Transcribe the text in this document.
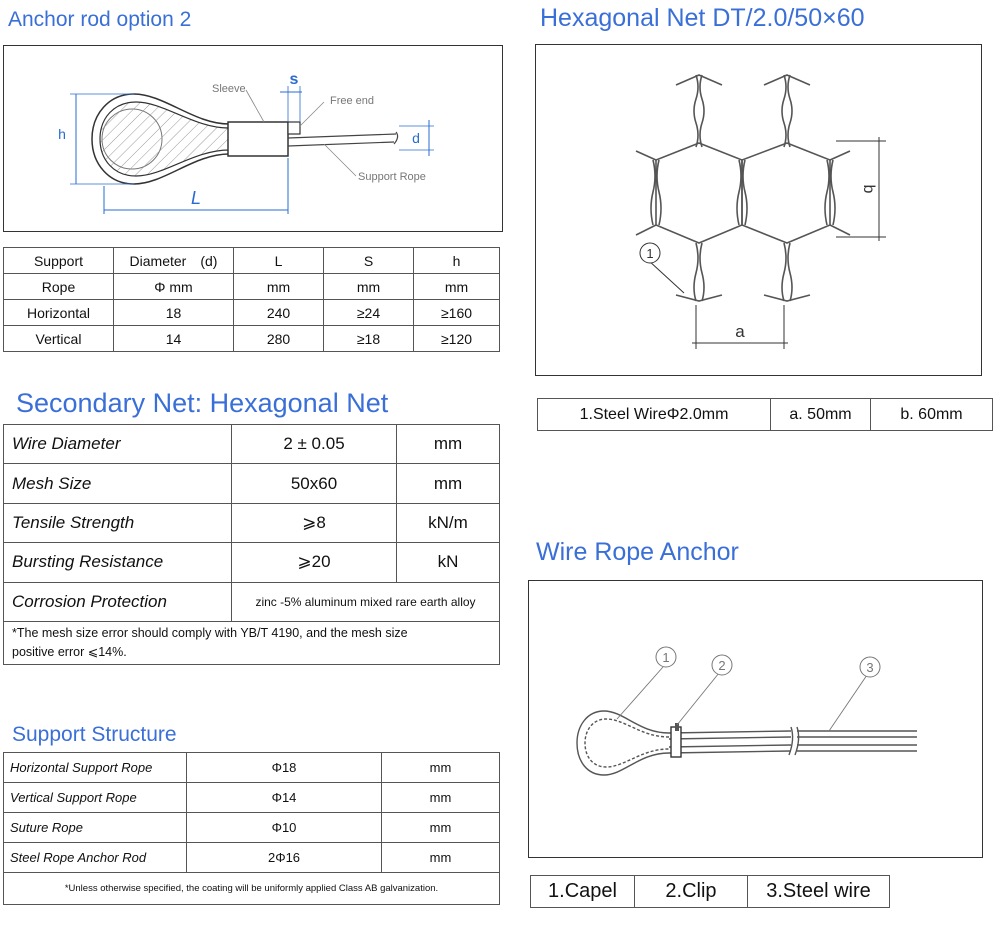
Anchor rod option 2
L
h
s
d
Sleeve
Free end
Support Rope
Support	Diameter　(d)	L	S	h
Rope	Φ mm	mm	mm	mm
Horizontal	18	240	≥24	≥160
Vertical	14	280	≥18	≥120
Hexagonal Net DT/2.0/50×60
b
a
1
1.Steel WireΦ2.0mm	a. 50mm	b. 60mm
Secondary Net: Hexagonal Net
Wire Diameter	2 ± 0.05	mm
Mesh Size	50x60	mm
Tensile Strength	⩾8	kN/m
Bursting Resistance	⩾20	kN
Corrosion Protection	zinc -5% aluminum mixed rare earth alloy	

*The mesh size error should comply with YB/T 4190, and the mesh size
positive error ⩽14%.		
Support Structure
Horizontal Support Rope	Φ18	mm
Vertical Support Rope	Φ14	mm
Suture Rope	Φ10	mm
Steel Rope Anchor Rod	2Φ16	mm
*Unless otherwise specified, the coating will be uniformly applied Class AB galvanization.		
Wire Rope Anchor
1
2	3
1.Capel	2.Clip	3.Steel wire
